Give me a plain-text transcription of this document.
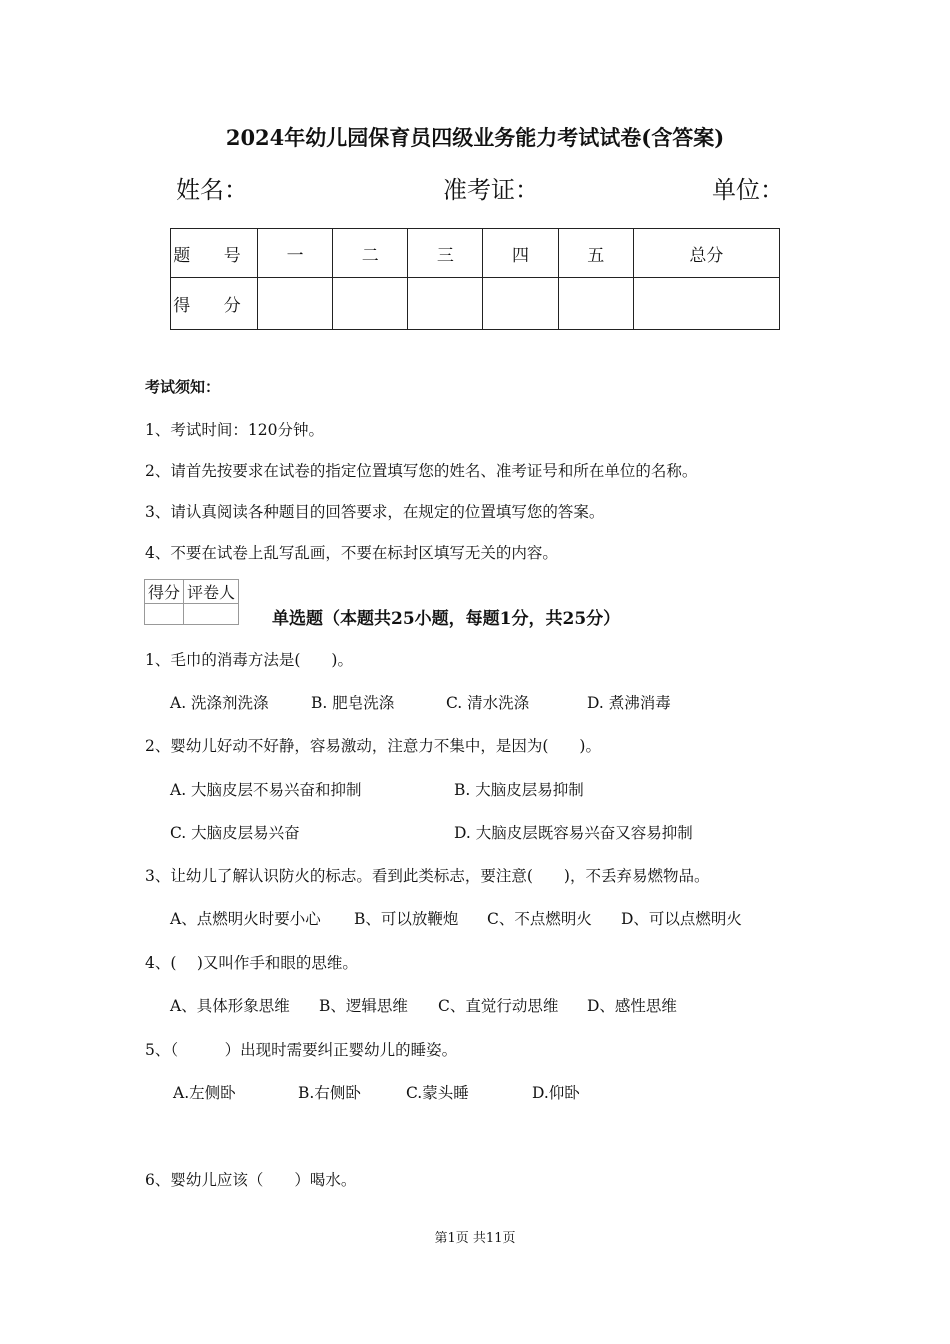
2024年幼儿园保育员四级业务能力考试试卷(含答案)
姓名：	准考证：	单位：
题 号	一	二	三	四	五	总分
得 分						
考试须知：
1、考试时间：120分钟。
2、请首先按要求在试卷的指定位置填写您的姓名、准考证号和所在单位的名称。
3、请认真阅读各种题目的回答要求，在规定的位置填写您的答案。
4、不要在试卷上乱写乱画，不要在标封区填写无关的内容。
得分	评卷人

单选题（本题共25小题，每题1分，共25分）
1、毛巾的消毒方法是(　　)。
A. 洗涤剂洗涤	B. 肥皂洗涤	C. 清水洗涤	D. 煮沸消毒
2、婴幼儿好动不好静，容易激动，注意力不集中，是因为(　　)。
A. 大脑皮层不易兴奋和抑制	B. 大脑皮层易抑制
C. 大脑皮层易兴奋	D. 大脑皮层既容易兴奋又容易抑制
3、让幼儿了解认识防火的标志。看到此类标志，要注意(　　)，不丢弃易燃物品。
A、点燃明火时要小心 B、可以放鞭炮 C、不点燃明火 D、可以点燃明火
4、(　 )又叫作手和眼的思维。
A、具体形象思维 B、逻辑思维 C、直觉行动思维 D、感性思维
5、（　　　）出现时需要纠正婴幼儿的睡姿。
A.左侧卧	B.右侧卧	C.蒙头睡	D.仰卧
6、婴幼儿应该（　　）喝水。
第1页 共11页
